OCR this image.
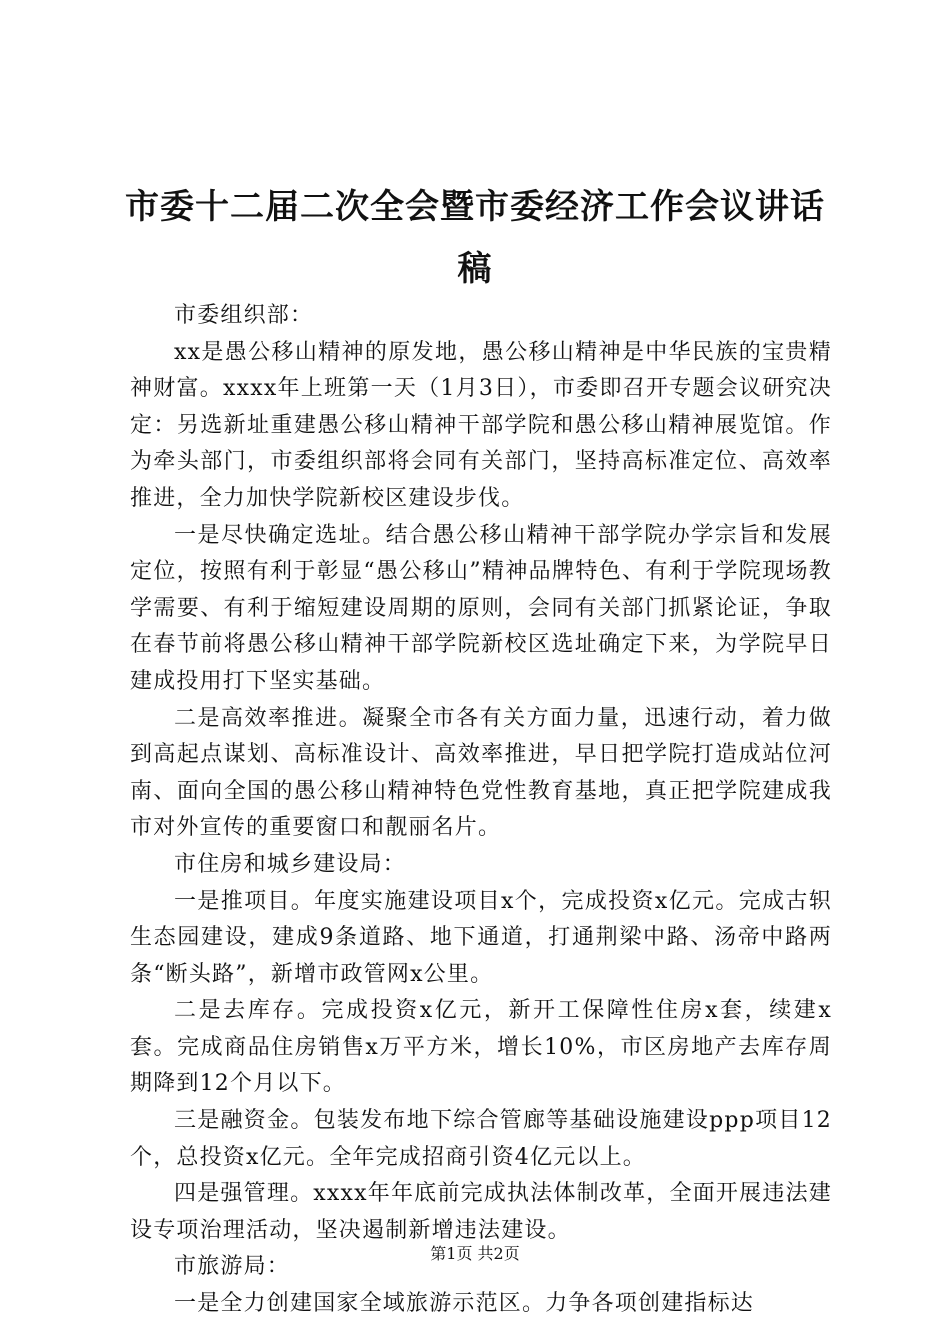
市委十二届二次全会暨市委经济工作会议讲话稿

市委组织部：

xx是愚公移山精神的原发地，愚公移山精神是中华民族的宝贵精神财富。xxxx年上班第一天（1月3日），市委即召开专题会议研究决定：另选新址重建愚公移山精神干部学院和愚公移山精神展览馆。作为牵头部门，市委组织部将会同有关部门，坚持高标准定位、高效率推进，全力加快学院新校区建设步伐。

一是尽快确定选址。结合愚公移山精神干部学院办学宗旨和发展定位，按照有利于彰显“愚公移山”精神品牌特色、有利于学院现场教学需要、有利于缩短建设周期的原则，会同有关部门抓紧论证，争取在春节前将愚公移山精神干部学院新校区选址确定下来，为学院早日建成投用打下坚实基础。

二是高效率推进。凝聚全市各有关方面力量，迅速行动，着力做到高起点谋划、高标准设计、高效率推进，早日把学院打造成站位河南、面向全国的愚公移山精神特色党性教育基地，真正把学院建成我市对外宣传的重要窗口和靓丽名片。

市住房和城乡建设局：

一是推项目。年度实施建设项目x个，完成投资x亿元。完成古轵生态园建设，建成9条道路、地下通道，打通荆梁中路、汤帝中路两条“断头路”，新增市政管网x公里。

二是去库存。完成投资x亿元，新开工保障性住房x套，续建x套。完成商品住房销售x万平方米，增长10%，市区房地产去库存周期降到12个月以下。

三是融资金。包装发布地下综合管廊等基础设施建设ppp项目12个，总投资x亿元。全年完成招商引资4亿元以上。

四是强管理。xxxx年年底前完成执法体制改革，全面开展违法建设专项治理活动，坚决遏制新增违法建设。

市旅游局：

一是全力创建国家全域旅游示范区。力争各项创建指标达

第1页 共2页
